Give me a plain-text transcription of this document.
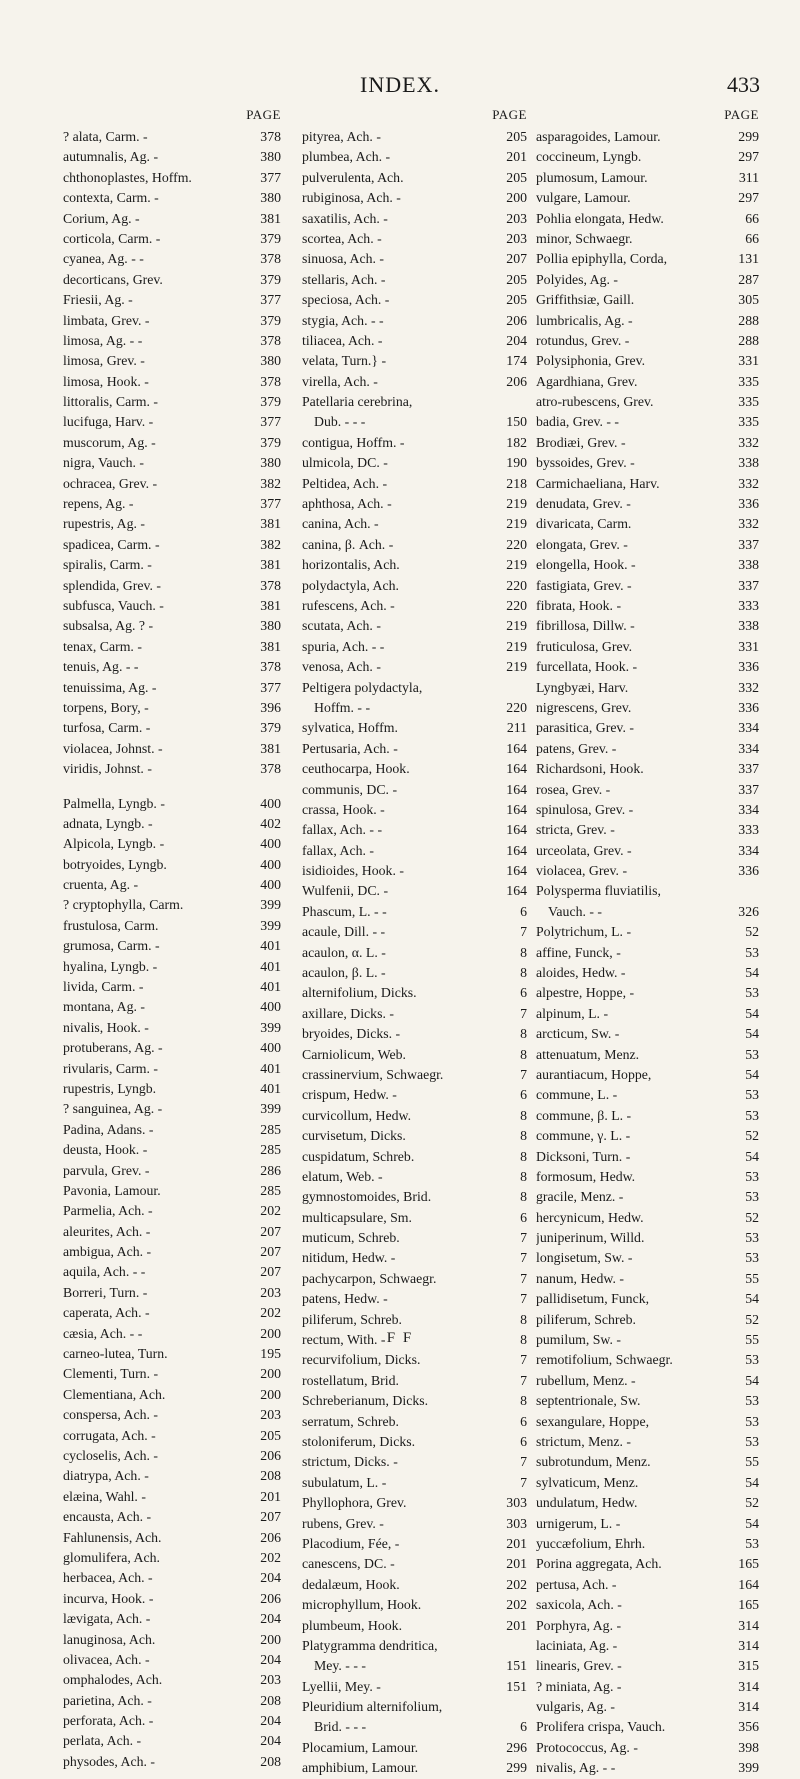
INDEX.	433
PAGE
? alata, Carm. -	378
autumnalis, Ag. -	380
chthonoplastes, Hoffm.	377
contexta, Carm. -	380
Corium, Ag. -	381
corticola, Carm. -	379
cyanea, Ag. - -	378
decorticans, Grev.	379
Friesii, Ag. -	377
limbata, Grev. -	379
limosa, Ag. - -	378
limosa, Grev. -	380
limosa, Hook. -	378
littoralis, Carm. -	379
lucifuga, Harv. -	377
muscorum, Ag. -	379
nigra, Vauch. -	380
ochracea, Grev. -	382
repens, Ag. -	377
rupestris, Ag. -	381
spadicea, Carm. -	382
spiralis, Carm. -	381
splendida, Grev. -	378
subfusca, Vauch. -	381
subsalsa, Ag. ? -	380
tenax, Carm. -	381
tenuis, Ag. - -	378
tenuissima, Ag. -	377
torpens, Bory, -	396
turfosa, Carm. -	379
violacea, Johnst. -	381
viridis, Johnst. -	378
Palmella, Lyngb. -	400
adnata, Lyngb. -	402
Alpicola, Lyngb. -	400
botryoides, Lyngb.	400
cruenta, Ag. -	400
? cryptophylla, Carm.	399
frustulosa, Carm.	399
grumosa, Carm. -	401
hyalina, Lyngb. -	401
livida, Carm. -	401
montana, Ag. -	400
nivalis, Hook. -	399
protuberans, Ag. -	400
rivularis, Carm. -	401
rupestris, Lyngb.	401
? sanguinea, Ag. -	399
Padina, Adans. -	285
deusta, Hook. -	285
parvula, Grev. -	286
Pavonia, Lamour.	285
Parmelia, Ach. -	202
aleurites, Ach. -	207
ambigua, Ach. -	207
aquila, Ach. - -	207
Borreri, Turn. -	203
caperata, Ach. -	202
cæsia, Ach. - -	200
carneo-lutea, Turn.	195
Clementi, Turn. -	200
Clementiana, Ach.	200
conspersa, Ach. -	203
corrugata, Ach. -	205
cycloselis, Ach. -	206
diatrypa, Ach. -	208
elæina, Wahl. -	201
encausta, Ach. -	207
Fahlunensis, Ach.	206
glomulifera, Ach.	202
herbacea, Ach. -	204
incurva, Hook. -	206
lævigata, Ach. -	204
lanuginosa, Ach.	200
olivacea, Ach. -	204
omphalodes, Ach.	203
parietina, Ach. -	208
perforata, Ach. -	204
perlata, Ach. -	204
physodes, Ach. -	208
PAGE
pityrea, Ach. -	205
plumbea, Ach. -	201
pulverulenta, Ach.	205
rubiginosa, Ach. -	200
saxatilis, Ach. -	203
scortea, Ach. -	203
sinuosa, Ach. -	207
stellaris, Ach. -	205
speciosa, Ach. -	205
stygia, Ach. - -	206
tiliacea, Ach. -	204
velata, Turn.} -	174
virella, Ach. -	206
Patellaria cerebrina,
Dub. - - -	150
contigua, Hoffm. -	182
ulmicola, DC. -	190
Peltidea, Ach. -	218
aphthosa, Ach. -	219
canina, Ach. -	219
canina, β. Ach. -	220
horizontalis, Ach.	219
polydactyla, Ach.	220
rufescens, Ach. -	220
scutata, Ach. -	219
spuria, Ach. - -	219
venosa, Ach. -	219
Peltigera polydactyla,
Hoffm. - -	220
sylvatica, Hoffm.	211
Pertusaria, Ach. -	164
ceuthocarpa, Hook.	164
communis, DC. -	164
crassa, Hook. -	164
fallax, Ach. - -	164
fallax, Ach. -	164
isidioides, Hook. -	164
Wulfenii, DC. -	164
Phascum, L. - -	6
acaule, Dill. - -	7
acaulon, α. L. -	8
acaulon, β. L. -	8
alternifolium, Dicks.	6
axillare, Dicks. -	7
bryoides, Dicks. -	8
Carniolicum, Web.	8
crassinervium, Schwaegr.	7
crispum, Hedw. -	6
curvicollum, Hedw.	8
curvisetum, Dicks.	8
cuspidatum, Schreb.	8
elatum, Web. -	8
gymnostomoides, Brid.	8
multicapsulare, Sm.	6
muticum, Schreb.	7
nitidum, Hedw. -	7
pachycarpon, Schwaegr.	7
patens, Hedw. -	7
piliferum, Schreb.	8
rectum, With. -	8
recurvifolium, Dicks.	7
rostellatum, Brid.	7
Schreberianum, Dicks.	8
serratum, Schreb.	6
stoloniferum, Dicks.	6
strictum, Dicks. -	7
subulatum, L. -	7
Phyllophora, Grev.	303
rubens, Grev. -	303
Placodium, Fée, -	201
canescens, DC. -	201
dedalæum, Hook.	202
microphyllum, Hook.	202
plumbeum, Hook.	201
Platygramma dendritica,
Mey. - - -	151
Lyellii, Mey. -	151
Pleuridium alternifolium,
Brid. - - -	6
Plocamium, Lamour.	296
amphibium, Lamour.	299
PAGE
asparagoides, Lamour.	299
coccineum, Lyngb.	297
plumosum, Lamour.	311
vulgare, Lamour.	297
Pohlia elongata, Hedw.	66
minor, Schwaegr.	66
Pollia epiphylla, Corda,	131
Polyides, Ag. -	287
Griffithsiæ, Gaill.	305
lumbricalis, Ag. -	288
rotundus, Grev. -	288
Polysiphonia, Grev.	331
Agardhiana, Grev.	335
atro-rubescens, Grev.	335
badia, Grev. - -	335
Brodiæi, Grev. -	332
byssoides, Grev. -	338
Carmichaeliana, Harv.	332
denudata, Grev. -	336
divaricata, Carm.	332
elongata, Grev. -	337
elongella, Hook. -	338
fastigiata, Grev. -	337
fibrata, Hook. -	333
fibrillosa, Dillw. -	338
fruticulosa, Grev.	331
furcellata, Hook. -	336
Lyngbyæi, Harv.	332
nigrescens, Grev.	336
parasitica, Grev. -	334
patens, Grev. -	334
Richardsoni, Hook.	337
rosea, Grev. -	337
spinulosa, Grev. -	334
stricta, Grev. -	333
urceolata, Grev. -	334
violacea, Grev. -	336
Polysperma fluviatilis,
Vauch. - -	326
Polytrichum, L. -	52
affine, Funck, -	53
aloides, Hedw. -	54
alpestre, Hoppe, -	53
alpinum, L. -	54
arcticum, Sw. -	54
attenuatum, Menz.	53
aurantiacum, Hoppe,	54
commune, L. -	53
commune, β. L. -	53
commune, γ. L. -	52
Dicksoni, Turn. -	54
formosum, Hedw.	53
gracile, Menz. -	53
hercynicum, Hedw.	52
juniperinum, Willd.	53
longisetum, Sw. -	53
nanum, Hedw. -	55
pallidisetum, Funck,	54
piliferum, Schreb.	52
pumilum, Sw. -	55
remotifolium, Schwaegr.	53
rubellum, Menz. -	54
septentrionale, Sw.	53
sexangulare, Hoppe,	53
strictum, Menz. -	53
subrotundum, Menz.	55
sylvaticum, Menz.	54
undulatum, Hedw.	52
urnigerum, L. -	54
yuccæfolium, Ehrh.	53
Porina aggregata, Ach.	165
pertusa, Ach. -	164
saxicola, Ach. -	165
Porphyra, Ag. -	314
laciniata, Ag. -	314
linearis, Grev. -	315
? miniata, Ag. -	314
vulgaris, Ag. -	314
Prolifera crispa, Vauch.	356
Protococcus, Ag. -	398
nivalis, Ag. - -	399
F F
